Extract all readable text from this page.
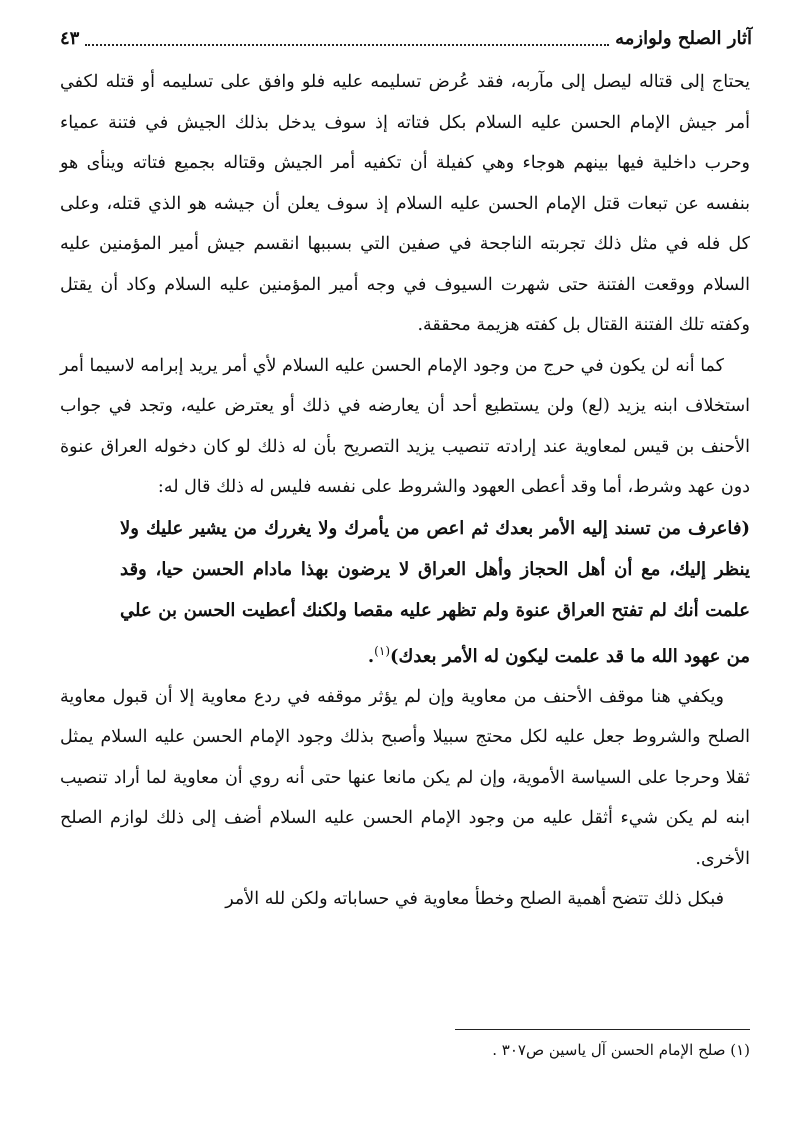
آثار الصلح ولوازمه
٤٣

يحتاج إلى قتاله ليصل إلى مآربه، فقد عُرض تسليمه عليه فلو وافق على تسليمه أو قتله لكفي أمر جيش الإمام الحسن عليه السلام بكل فتاته إذ سوف يدخل بذلك الجيش في فتنة عمياء وحرب داخلية فيها بينهم هوجاء وهي كفيلة أن تكفيه أمر الجيش وقتاله بجميع فتاته وينأى هو بنفسه عن تبعات قتل الإمام الحسن عليه السلام إذ سوف يعلن أن جيشه هو الذي قتله، وعلى كل فله في مثل ذلك تجربته الناجحة في صفين التي بسببها انقسم جيش أمير المؤمنين عليه السلام ووقعت الفتنة حتى شهرت السيوف في وجه أمير المؤمنين عليه السلام وكاد أن يقتل وكفته تلك الفتنة القتال بل كفته هزيمة محققة.

كما أنه لن يكون في حرج من وجود الإمام الحسن عليه السلام لأي أمر يريد إبرامه لاسيما أمر استخلاف ابنه يزيد (لع) ولن يستطيع أحد أن يعارضه في ذلك أو يعترض عليه، وتجد في جواب الأحنف بن قيس لمعاوية عند إرادته تنصيب يزيد التصريح بأن له ذلك لو كان دخوله العراق عنوة دون عهد وشرط، أما وقد أعطى العهود والشروط على نفسه فليس له ذلك قال له:

(فاعرف من تسند إليه الأمر بعدك ثم اعص من يأمرك ولا يغررك من يشير عليك ولا ينظر إليك، مع أن أهل الحجاز وأهل العراق لا يرضون بهذا مادام الحسن حيا، وقد علمت أنك لم تفتح العراق عنوة ولم تظهر عليه مقصا ولكنك أعطيت الحسن بن علي من عهود الله ما قد علمت ليكون له الأمر بعدك)$^{(١)}$.

ويكفي هنا موقف الأحنف من معاوية وإن لم يؤثر موقفه في ردع معاوية إلا أن قبول معاوية الصلح والشروط جعل عليه لكل محتج سبيلا وأصبح بذلك وجود الإمام الحسن عليه السلام يمثل ثقلا وحرجا على السياسة الأموية، وإن لم يكن مانعا عنها حتى أنه روي أن معاوية لما أراد تنصيب ابنه لم يكن شيء أثقل عليه من وجود الإمام الحسن عليه السلام أضف إلى ذلك لوازم الصلح الأخرى.

فبكل ذلك تتضح أهمية الصلح وخطأ معاوية في حساباته ولكن لله الأمر

(١) صلح الإمام الحسن آل ياسين ص٣٠٧ .
